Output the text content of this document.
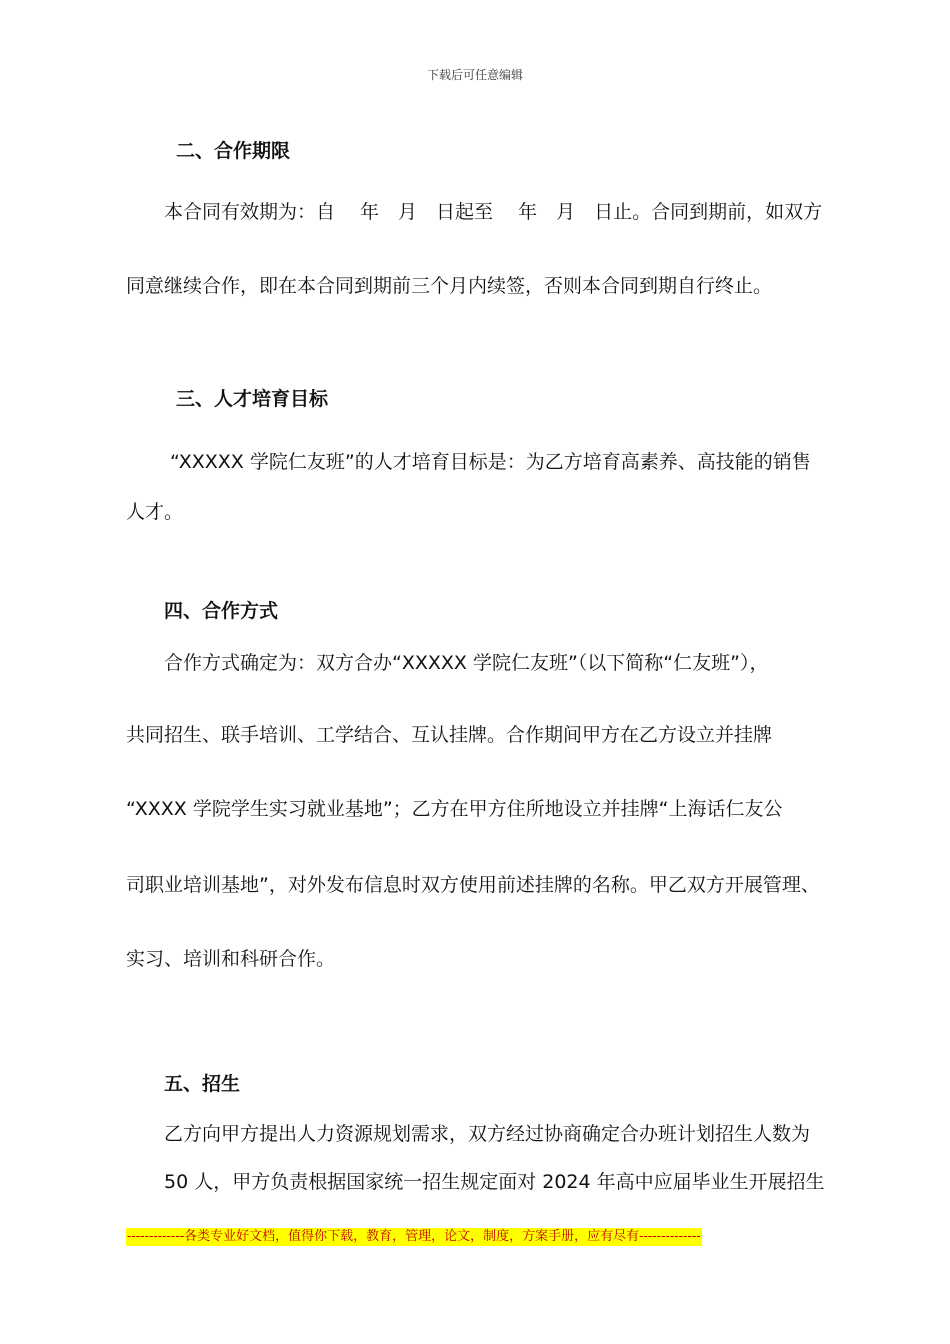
下载后可任意编辑
二、合作期限
本合同有效期为：自　 年　月　日起至　 年　月　日止。合同到期前，如双方
同意继续合作，即在本合同到期前三个月内续签，否则本合同到期自行终止。
三、人才培育目标
“XXXXX 学院仁友班”的人才培育目标是：为乙方培育高素养、高技能的销售
人才。
四、合作方式
合作方式确定为：双方合办“XXXXX 学院仁友班”（以下简称“仁友班”），
共同招生、联手培训、工学结合、互认挂牌。合作期间甲方在乙方设立并挂牌
“XXXX 学院学生实习就业基地”；乙方在甲方住所地设立并挂牌“上海话仁友公
司职业培训基地”，对外发布信息时双方使用前述挂牌的名称。甲乙双方开展管理、
实习、培训和科研合作。
五、招生
乙方向甲方提出人力资源规划需求，双方经过协商确定合办班计划招生人数为
50 人，甲方负责根据国家统一招生规定面对 2024 年高中应届毕业生开展招生
-------------各类专业好文档，值得你下载，教育，管理，论文，制度，方案手册，应有尽有--------------
